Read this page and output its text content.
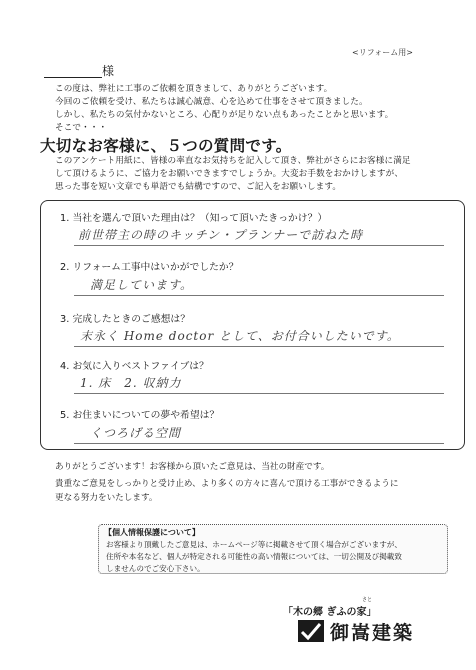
<リフォーム用>
様
この度は、弊社に工事のご依頼を頂きまして、ありがとうございます。
今回のご依頼を受け、私たちは誠心誠意、心を込めて仕事をさせて頂きました。
しかし、私たちの気付かないところ、心配りが足りない点もあったことかと思います。
そこで・・・
大切なお客様に、５つの質問です。
このアンケート用紙に、皆様の率直なお気持ちを記入して頂き、弊社がさらにお客様に満足
して頂けるように、ご協力をお願いできますでしょうか。大変お手数をおかけしますが、
思った事を短い文章でも単語でも結構ですので、ご記入をお願いします。
1. 当社を選んで頂いた理由は？（知って頂いたきっかけ？）
前世帯主の時のキッチン・プランナーで訪ねた時
2. リフォーム工事中はいかがでしたか？
満足しています。
3. 完成したときのご感想は？
末永く Home doctor として、お付合いしたいです。
4. お気に入りベストファイブは？
1. 床　2. 収納力
5. お住まいについての夢や希望は？
くつろげる空間
ありがとうございます！お客様から頂いたご意見は、当社の財産です。
貴重なご意見をしっかりと受け止め、より多くの方々に喜んで頂ける工事ができるように
更なる努力をいたします。
【個人情報保護について】
お客様より頂戴したご意見は、ホームページ等に掲載させて頂く場合がございますが、
住所や本名など、個人が特定される可能性の高い情報については、一切公開及び掲載致
しませんのでご安心下さい。
さと
「木の郷 ぎふの家」
御嵩建築
